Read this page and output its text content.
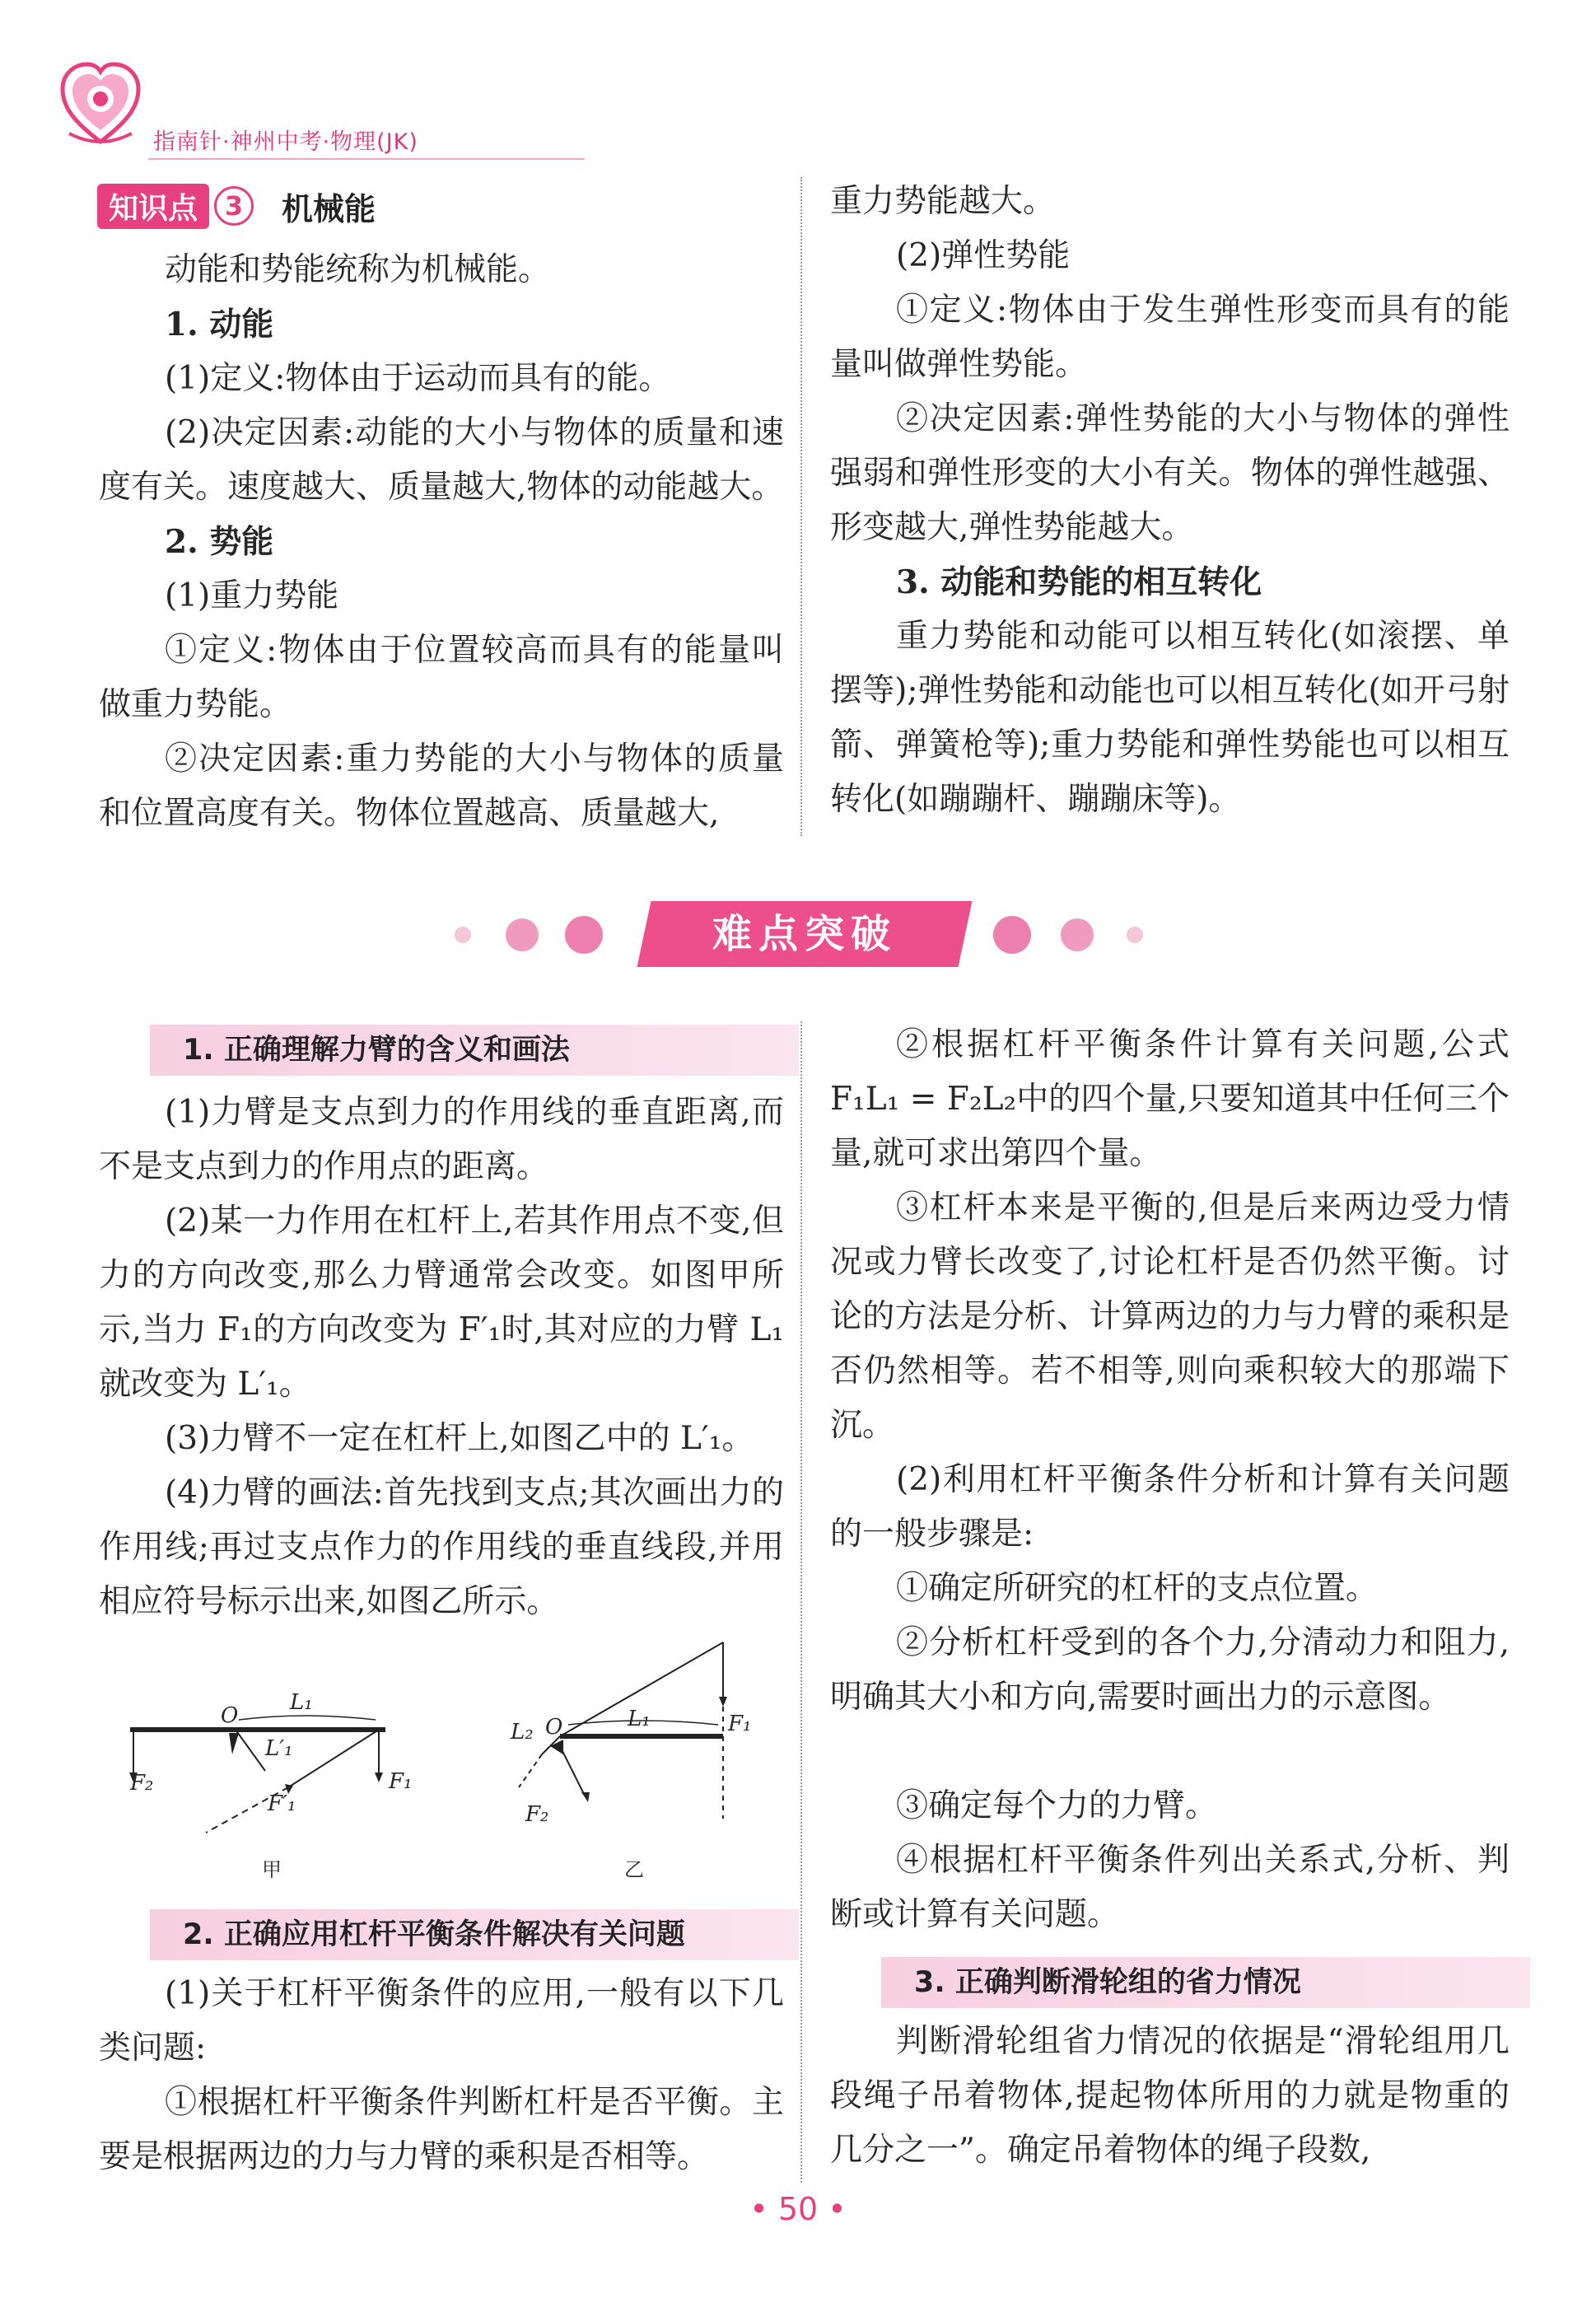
指南针·神州中考·物理(JK)
知识点	3	机械能
动能和势能统称为机械能。
1. 动能
(1)定义:物体由于运动而具有的能。
(2)决定因素:动能的大小与物体的质量和速度有关。速度越大、质量越大,物体的动能越大。
2. 势能
(1)重力势能
①定义:物体由于位置较高而具有的能量叫做重力势能。
②决定因素:重力势能的大小与物体的质量和位置高度有关。物体位置越高、质量越大,
重力势能越大。
(2)弹性势能
①定义:物体由于发生弹性形变而具有的能量叫做弹性势能。
②决定因素:弹性势能的大小与物体的弹性强弱和弹性形变的大小有关。物体的弹性越强、形变越大,弹性势能越大。
3. 动能和势能的相互转化
重力势能和动能可以相互转化(如滚摆、单摆等);弹性势能和动能也可以相互转化(如开弓射箭、弹簧枪等);重力势能和弹性势能也可以相互转化(如蹦蹦杆、蹦蹦床等)。
难点突破
1. 正确理解力臂的含义和画法
(1)力臂是支点到力的作用线的垂直距离,而不是支点到力的作用点的距离。
(2)某一力作用在杠杆上,若其作用点不变,但力的方向改变,那么力臂通常会改变。如图甲所示,当力 F₁的方向改变为 F′₁时,其对应的力臂 L₁就改变为 L′₁。
(3)力臂不一定在杠杆上,如图乙中的 L′₁。
(4)力臂的画法:首先找到支点;其次画出力的作用线;再过支点作力的作用线的垂直线段,并用相应符号标示出来,如图乙所示。
O
L₁
L′₁
F₂	F₁
F′₁
甲
L₂ O	L₁	F₁
F₂
乙
2. 正确应用杠杆平衡条件解决有关问题
(1)关于杠杆平衡条件的应用,一般有以下几类问题:
①根据杠杆平衡条件判断杠杆是否平衡。主要是根据两边的力与力臂的乘积是否相等。
②根据杠杆平衡条件计算有关问题,公式 F₁L₁ = F₂L₂中的四个量,只要知道其中任何三个量,就可求出第四个量。
③杠杆本来是平衡的,但是后来两边受力情况或力臂长改变了,讨论杠杆是否仍然平衡。讨论的方法是分析、计算两边的力与力臂的乘积是否仍然相等。若不相等,则向乘积较大的那端下沉。
(2)利用杠杆平衡条件分析和计算有关问题的一般步骤是:
①确定所研究的杠杆的支点位置。
②分析杠杆受到的各个力,分清动力和阻力,明确其大小和方向,需要时画出力的示意图。
③确定每个力的力臂。
④根据杠杆平衡条件列出关系式,分析、判断或计算有关问题。
3. 正确判断滑轮组的省力情况
判断滑轮组省力情况的依据是“滑轮组用几段绳子吊着物体,提起物体所用的力就是物重的几分之一”。确定吊着物体的绳子段数,
• 50 •
